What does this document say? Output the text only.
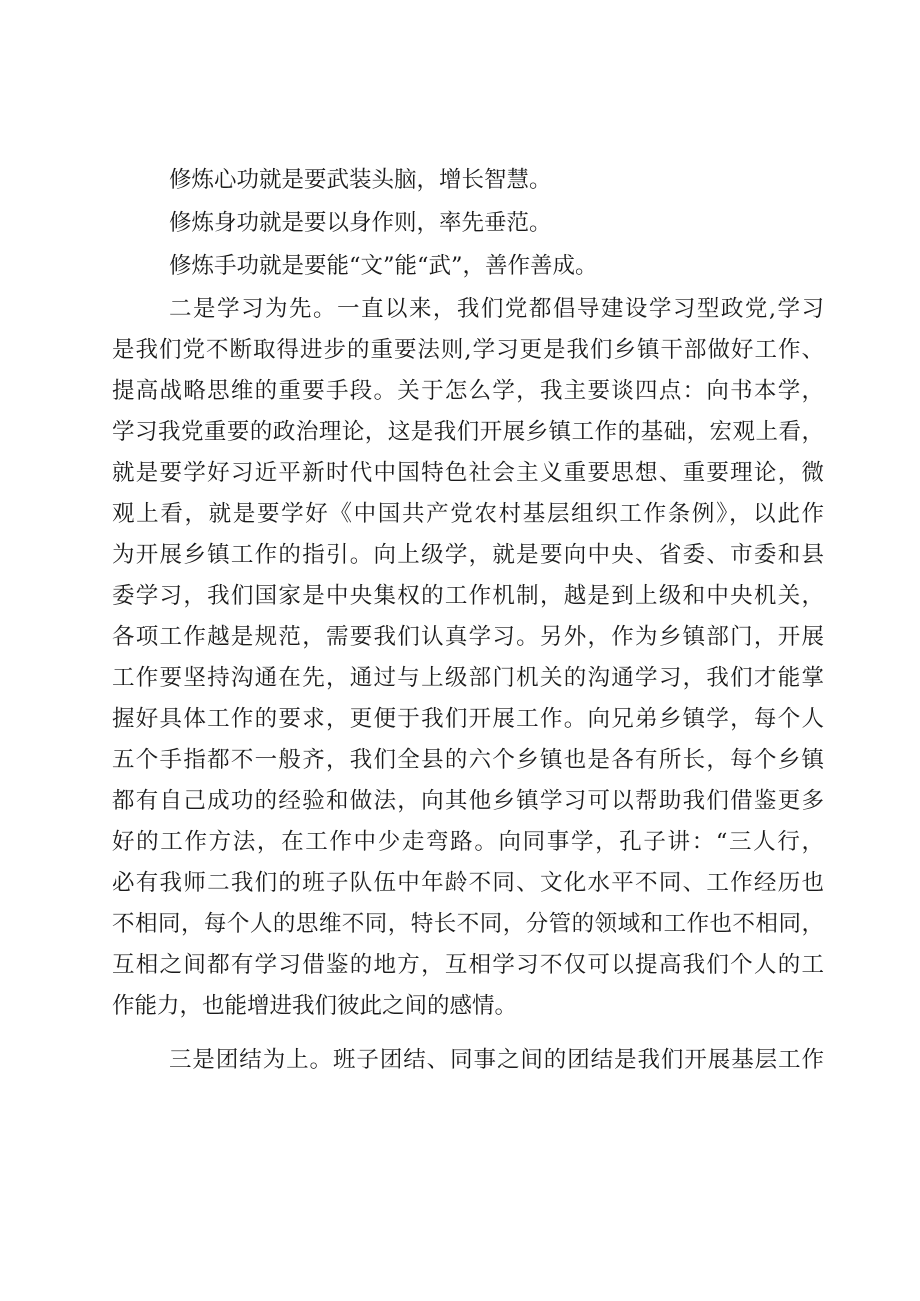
修炼心功就是要武装头脑，增长智慧。
修炼身功就是要以身作则，率先垂范。
修炼手功就是要能“文”能“武”，善作善成。
二是学习为先。一直以来，我们党都倡导建设学习型政党,学习
是我们党不断取得进步的重要法则,学习更是我们乡镇干部做好工作、
提高战略思维的重要手段。关于怎么学，我主要谈四点：向书本学，
学习我党重要的政治理论，这是我们开展乡镇工作的基础，宏观上看，
就是要学好习近平新时代中国特色社会主义重要思想、重要理论，微
观上看，就是要学好《中国共产党农村基层组织工作条例》，以此作
为开展乡镇工作的指引。向上级学，就是要向中央、省委、市委和县
委学习，我们国家是中央集权的工作机制，越是到上级和中央机关，
各项工作越是规范，需要我们认真学习。另外，作为乡镇部门，开展
工作要坚持沟通在先，通过与上级部门机关的沟通学习，我们才能掌
握好具体工作的要求，更便于我们开展工作。向兄弟乡镇学，每个人
五个手指都不一般齐，我们全县的六个乡镇也是各有所长，每个乡镇
都有自己成功的经验和做法，向其他乡镇学习可以帮助我们借鉴更多
好的工作方法，在工作中少走弯路。向同事学，孔子讲：“三人行，
必有我师二我们的班子队伍中年龄不同、文化水平不同、工作经历也
不相同，每个人的思维不同，特长不同，分管的领域和工作也不相同，
互相之间都有学习借鉴的地方，互相学习不仅可以提高我们个人的工
作能力，也能增进我们彼此之间的感情。
三是团结为上。班子团结、同事之间的团结是我们开展基层工作
